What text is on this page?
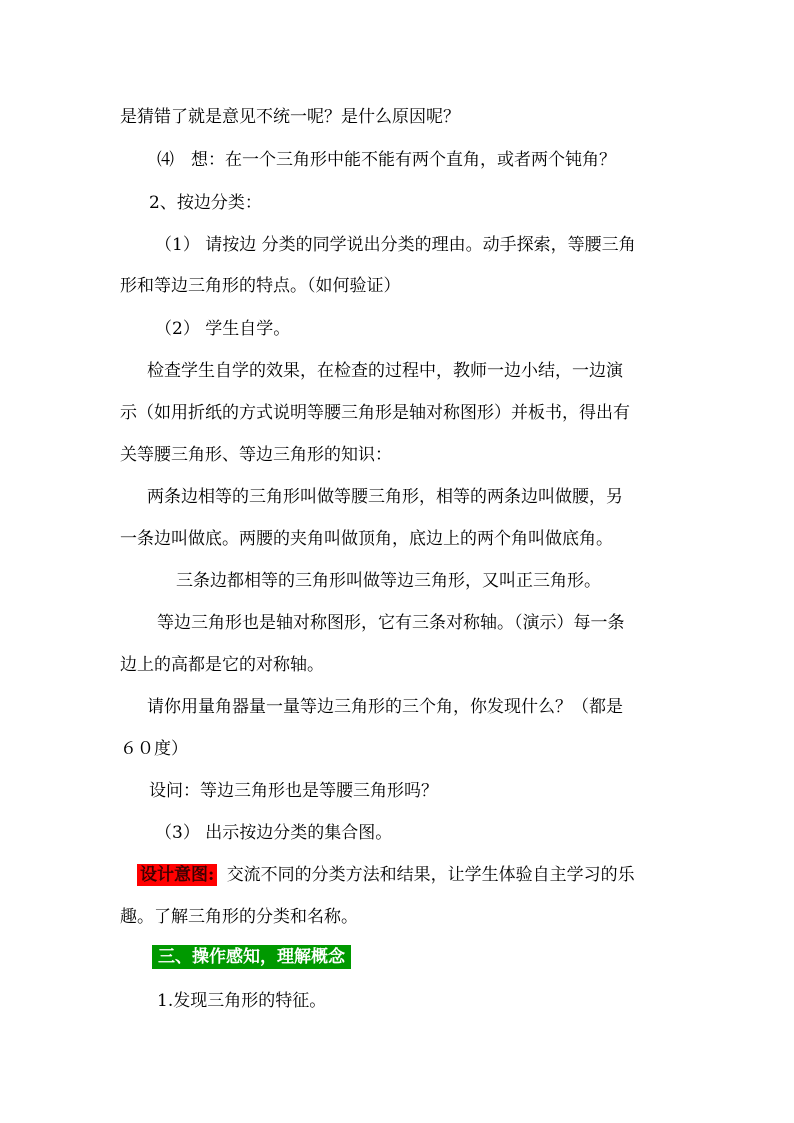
是猜错了就是意见不统一呢？是什么原因呢？
⑷　想：在一个三角形中能不能有两个直角，或者两个钝角？
2、按边分类：
（1） 请按边 分类的同学说出分类的理由。动手探索，等腰三角
形和等边三角形的特点。（如何验证）
（2） 学生自学。
检查学生自学的效果，在检查的过程中，教师一边小结，一边演
示（如用折纸的方式说明等腰三角形是轴对称图形）并板书，得出有
关等腰三角形、等边三角形的知识：
两条边相等的三角形叫做等腰三角形，相等的两条边叫做腰，另
一条边叫做底。两腰的夹角叫做顶角，底边上的两个角叫做底角。
三条边都相等的三角形叫做等边三角形，又叫正三角形。
等边三角形也是轴对称图形，它有三条对称轴。（演示）每一条
边上的高都是它的对称轴。
请你用量角器量一量等边三角形的三个角，你发现什么？（都是
６０度）
设问：等边三角形也是等腰三角形吗？
（3） 出示按边分类的集合图。
设计意图: 交流不同的分类方法和结果，让学生体验自主学习的乐
趣。了解三角形的分类和名称。
三、操作感知，理解概念
1.发现三角形的特征。
